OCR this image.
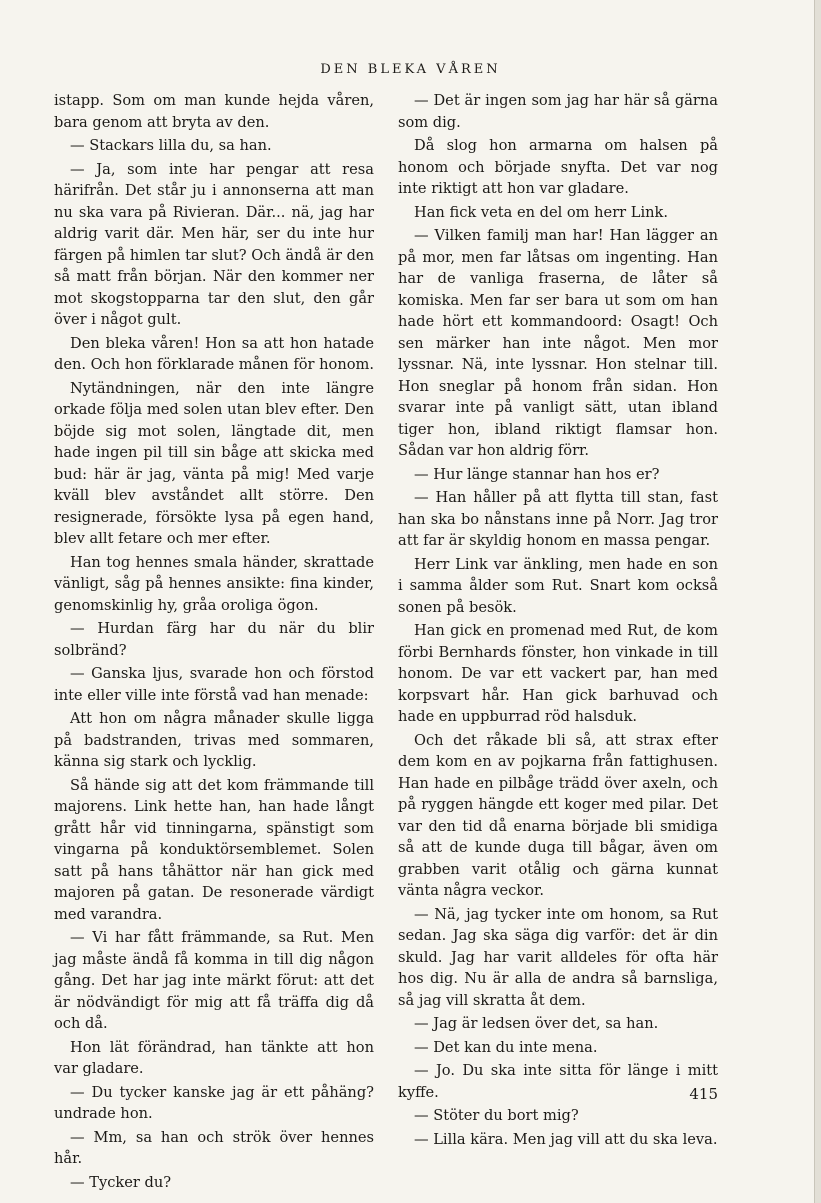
DEN BLEKA VÅREN

istapp. Som om man kunde hejda våren, bara genom att bryta av den.

— Stackars lilla du, sa han.

— Ja, som inte har pengar att resa härifrån. Det står ju i annonserna att man nu ska vara på Rivieran. Där... nä, jag har aldrig varit där. Men här, ser du inte hur färgen på himlen tar slut? Och ändå är den så matt från början. När den kommer ner mot skogstopparna tar den slut, den går över i något gult.

Den bleka våren! Hon sa att hon hatade den. Och hon förklarade månen för honom.

Nytändningen, när den inte längre orkade följa med solen utan blev efter. Den böjde sig mot solen, längtade dit, men hade ingen pil till sin båge att skicka med bud: här är jag, vänta på mig! Med varje kväll blev avståndet allt större. Den resignerade, försökte lysa på egen hand, blev allt fetare och mer efter.

Han tog hennes smala händer, skrattade vänligt, såg på hennes ansikte: fina kinder, genomskinlig hy, gråa oroliga ögon.

— Hurdan färg har du när du blir solbränd?

— Ganska ljus, svarade hon och förstod inte eller ville inte förstå vad han menade:

Att hon om några månader skulle ligga på badstranden, trivas med sommaren, känna sig stark och lycklig.

Så hände sig att det kom främmande till majorens. Link hette han, han hade långt grått hår vid tinningarna, spänstigt som vingarna på konduktörsemblemet. Solen satt på hans tåhättor när han gick med majoren på gatan. De resonerade värdigt med varandra.

— Vi har fått främmande, sa Rut. Men jag måste ändå få komma in till dig någon gång. Det har jag inte märkt förut: att det är nödvändigt för mig att få träffa dig då och då.

Hon lät förändrad, han tänkte att hon var gladare.

— Du tycker kanske jag är ett påhäng? undrade hon.

— Mm, sa han och strök över hennes hår.

— Tycker du?

— Det är ingen som jag har här så gärna som dig.

Då slog hon armarna om halsen på honom och började snyfta. Det var nog inte riktigt att hon var gladare.

Han fick veta en del om herr Link.

— Vilken familj man har! Han lägger an på mor, men far låtsas om ingenting. Han har de vanliga fraserna, de låter så komiska. Men far ser bara ut som om han hade hört ett kommandoord: Osagt! Och sen märker han inte något. Men mor lyssnar. Nä, inte lyssnar. Hon stelnar till. Hon sneglar på honom från sidan. Hon svarar inte på vanligt sätt, utan ibland tiger hon, ibland riktigt flamsar hon. Sådan var hon aldrig förr.

— Hur länge stannar han hos er?

— Han håller på att flytta till stan, fast han ska bo nånstans inne på Norr. Jag tror att far är skyldig honom en massa pengar.

Herr Link var änkling, men hade en son i samma ålder som Rut. Snart kom också sonen på besök.

Han gick en promenad med Rut, de kom förbi Bernhards fönster, hon vinkade in till honom. De var ett vackert par, han med korpsvart hår. Han gick barhuvad och hade en uppburrad röd halsduk.

Och det råkade bli så, att strax efter dem kom en av pojkarna från fattighusen. Han hade en pilbåge trädd över axeln, och på ryggen hängde ett koger med pilar. Det var den tid då enarna började bli smidiga så att de kunde duga till bågar, även om grabben varit otålig och gärna kunnat vänta några veckor.

— Nä, jag tycker inte om honom, sa Rut sedan. Jag ska säga dig varför: det är din skuld. Jag har varit alldeles för ofta här hos dig. Nu är alla de andra så barnsliga, så jag vill skratta åt dem.

— Jag är ledsen över det, sa han.

— Det kan du inte mena.

— Jo. Du ska inte sitta för länge i mitt kyffe.

— Stöter du bort mig?

— Lilla kära. Men jag vill att du ska leva.

415
